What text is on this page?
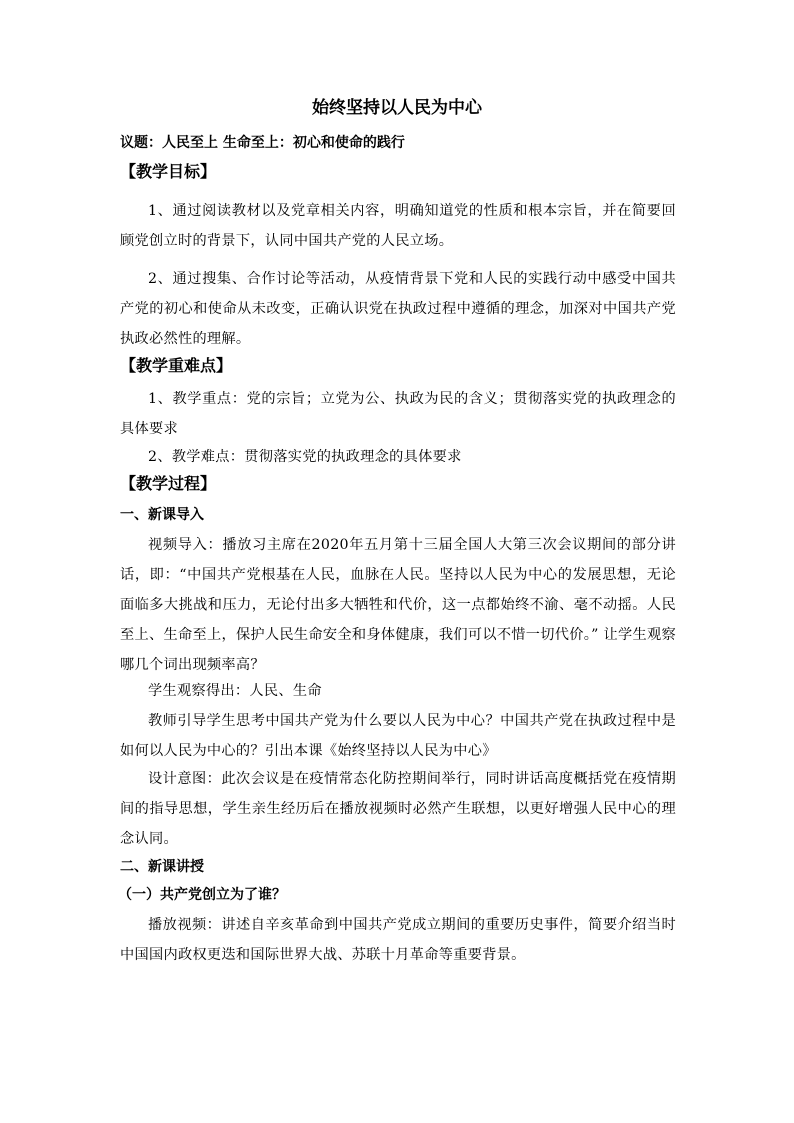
始终坚持以人民为中心
议题：人民至上 生命至上：初心和使命的践行
【教学目标】
1、通过阅读教材以及党章相关内容，明确知道党的性质和根本宗旨，并在简要回顾党创立时的背景下，认同中国共产党的人民立场。
2、通过搜集、合作讨论等活动，从疫情背景下党和人民的实践行动中感受中国共产党的初心和使命从未改变，正确认识党在执政过程中遵循的理念，加深对中国共产党执政必然性的理解。
【教学重难点】
1、教学重点：党的宗旨；立党为公、执政为民的含义；贯彻落实党的执政理念的具体要求
2、教学难点：贯彻落实党的执政理念的具体要求
【教学过程】
一、新课导入
视频导入：播放习主席在2020年五月第十三届全国人大第三次会议期间的部分讲话，即：“中国共产党根基在人民，血脉在人民。坚持以人民为中心的发展思想，无论面临多大挑战和压力，无论付出多大牺牲和代价，这一点都始终不渝、毫不动摇。人民至上、生命至上，保护人民生命安全和身体健康，我们可以不惜一切代价。” 让学生观察哪几个词出现频率高？
学生观察得出：人民、生命
教师引导学生思考中国共产党为什么要以人民为中心？中国共产党在执政过程中是如何以人民为中心的？引出本课《始终坚持以人民为中心》
设计意图：此次会议是在疫情常态化防控期间举行，同时讲话高度概括党在疫情期间的指导思想，学生亲生经历后在播放视频时必然产生联想，以更好增强人民中心的理念认同。
二、新课讲授
（一）共产党创立为了谁？
播放视频：讲述自辛亥革命到中国共产党成立期间的重要历史事件，简要介绍当时中国国内政权更迭和国际世界大战、苏联十月革命等重要背景。
